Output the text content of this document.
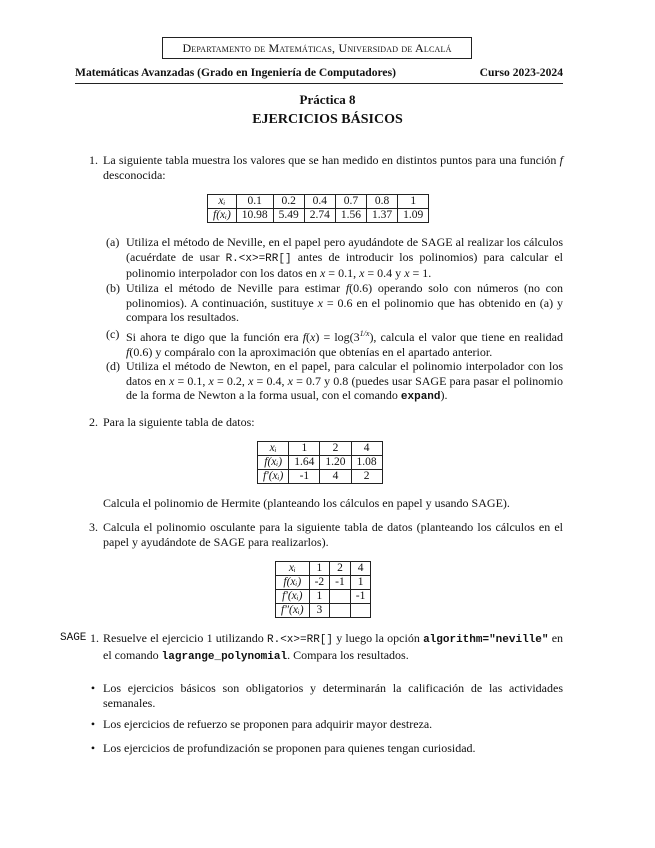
Departamento de Matemáticas, Universidad de Alcalá
Matemáticas Avanzadas (Grado en Ingeniería de Computadores)	Curso 2023-2024
Práctica 8
EJERCICIOS BÁSICOS
1. La siguiente tabla muestra los valores que se han medido en distintos puntos para una función f desconocida:
xᵢ	0.1	0.2	0.4	0.7	0.8	1
f(xᵢ)	10.98	5.49	2.74	1.56	1.37	1.09
(a) Utiliza el método de Neville, en el papel pero ayudándote de SAGE al realizar los cálculos (acuérdate de usar R.<x>=RR[] antes de introducir los polinomios) para calcular el polinomio interpolador con los datos en x = 0.1, x = 0.4 y x = 1.
(b) Utiliza el método de Neville para estimar f(0.6) operando solo con números (no con polinomios). A continuación, sustituye x = 0.6 en el polinomio que has obtenido en (a) y compara los resultados.
(c) Si ahora te digo que la función era $f(x) = \log(3^{1/x})$, calcula el valor que tiene en realidad f(0.6) y compáralo con la aproximación que obtenías en el apartado anterior.
(d) Utiliza el método de Newton, en el papel, para calcular el polinomio interpolador con los datos en x = 0.1, x = 0.2, x = 0.4, x = 0.7 y 0.8 (puedes usar SAGE para pasar el polinomio de la forma de Newton a la forma usual, con el comando expand).
2. Para la siguiente tabla de datos:
xᵢ	1	2	4
f(xᵢ)	1.64	1.20	1.08
f′(xᵢ)	-1	4	2
Calcula el polinomio de Hermite (planteando los cálculos en papel y usando SAGE).
3. Calcula el polinomio osculante para la siguiente tabla de datos (planteando los cálculos en el papel y ayudándote de SAGE para realizarlos).
xᵢ	1	2	4
f(xᵢ)	-2	-1	1
f′(xᵢ)	1		-1
f″(xᵢ)	3		
SAGE 1. Resuelve el ejercicio 1 utilizando R.<x>=RR[] y luego la opción algorithm="neville" en el comando lagrange_polynomial. Compara los resultados.
• Los ejercicios básicos son obligatorios y determinarán la calificación de las actividades semanales.
• Los ejercicios de refuerzo se proponen para adquirir mayor destreza.
• Los ejercicios de profundización se proponen para quienes tengan curiosidad.
